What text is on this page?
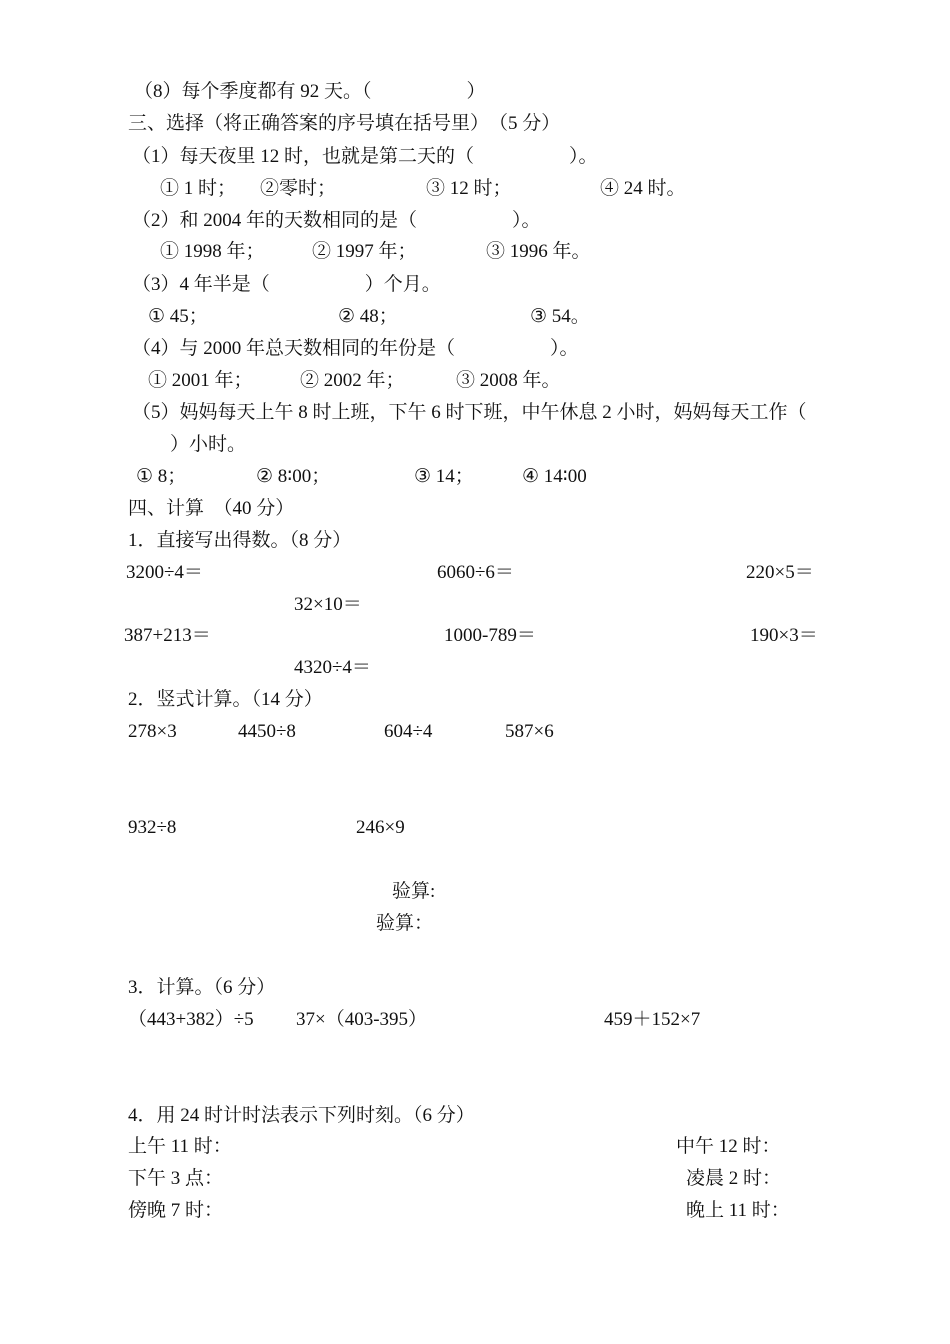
（8）每个季度都有 92 天。（　　　　　）
三、选择（将正确答案的序号填在括号里）　（5 分）
（1）每天夜里 12 时，也就是第二天的（　　　　　）。
① 1 时； ②零时；	③ 12 时；	④ 24 时。
（2）和 2004 年的天数相同的是（　　　　　）。
① 1998 年； ② 1997 年；	③ 1996 年。
（3）4 年半是（　　　　　）个月。
① 45；	② 48；	③ 54。
（4）与 2000 年总天数相同的年份是（　　　　　）。
① 2001 年； ② 2002 年；	③ 2008 年。
（5）妈妈每天上午 8 时上班，下午 6 时下班，中午休息 2 小时，妈妈每天工作（
）小时。
① 8；	② 8∶00；	③ 14；	④ 14∶00
四、计算　（40 分）
1．直接写出得数。（8 分）
3200÷4＝	6060÷6＝	220×5＝
32×10＝
387+213＝	1000-789＝	190×3＝
4320÷4＝
2．竖式计算。（14 分）
278×3	4450÷8	604÷4	587×6
932÷8	246×9
验算:
验算：
3．计算。（6 分）
（443+382）÷5 37×（403-395）	459＋152×7
4．用 24 时计时法表示下列时刻。（6 分）
上午 11 时：	中午 12 时：
下午 3 点：	凌晨 2 时：
傍晚 7 时：	晚上 11 时：
